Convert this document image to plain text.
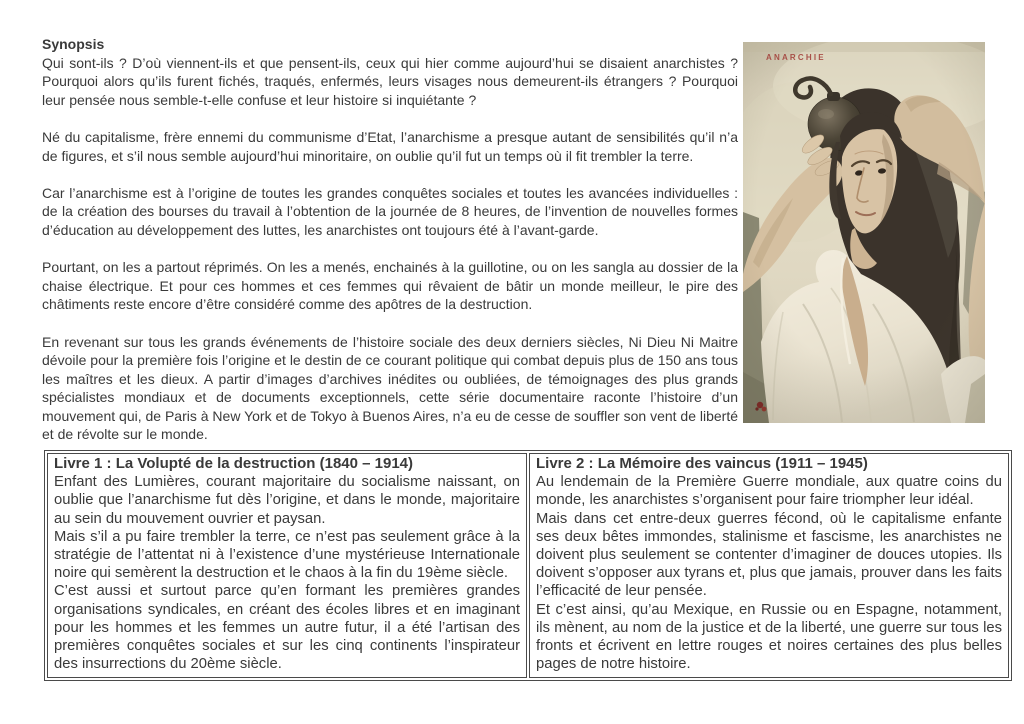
Synopsis

Qui sont-ils ? D’où viennent-ils et que pensent-ils, ceux qui hier comme aujourd’hui se disaient anarchistes ? Pourquoi alors qu’ils furent fichés, traqués, enfermés, leurs visages nous demeurent-ils étrangers ? Pourquoi leur pensée nous semble-t-elle confuse et leur histoire si inquiétante ?

Né du capitalisme, frère ennemi du communisme d’Etat, l’anarchisme a presque autant de sensibilités qu’il n’a de figures, et s’il nous semble aujourd’hui minoritaire, on oublie qu’il fut un temps où il fit trembler la terre.

Car l’anarchisme est à l’origine de toutes les grandes conquêtes sociales et toutes les avancées individuelles : de la création des bourses du travail à l’obtention de la journée de 8 heures, de l’invention de nouvelles formes d’éducation au développement des luttes, les anarchistes ont toujours été à l’avant-garde.

Pourtant, on les a partout réprimés. On les a menés, enchainés à la guillotine, ou on les sangla au dossier de la chaise électrique. Et pour ces hommes et ces femmes qui rêvaient de bâtir un monde meilleur, le pire des châtiments reste encore d’être considéré comme des apôtres de la destruction.

En revenant sur tous les grands événements de l’histoire sociale des deux derniers siècles, Ni Dieu Ni Maitre dévoile pour la première fois l’origine et le destin de ce courant politique qui combat depuis plus de 150 ans tous les maîtres et les dieux. A partir d’images d’archives inédites ou oubliées, de témoignages des plus grands spécialistes mondiaux et de documents exceptionnels, cette série documentaire raconte l’histoire d’un mouvement qui, de Paris à New York et de Tokyo à Buenos Aires, n’a eu de cesse de souffler son vent de liberté et de révolte sur le monde.

ANARCHIE
Livre 1 : La Volupté de la destruction (1840 – 1914)

Enfant des Lumières, courant majoritaire du socialisme naissant, on oublie que l’anarchisme fut dès l’origine, et dans le monde, majoritaire au sein du mouvement ouvrier et paysan.

Mais s’il a pu faire trembler la terre, ce n’est pas seulement grâce à la stratégie de l’attentat ni à l’existence d’une mystérieuse Internationale noire qui semèrent la destruction et le chaos à la fin du 19ème siècle.

C’est aussi et surtout parce qu’en formant les premières grandes organisations syndicales, en créant des écoles libres et en imaginant pour les hommes et les femmes un autre futur, il a été l’artisan des premières conquêtes sociales et sur les cinq continents l’inspirateur des insurrections du 20ème siècle.

Livre 2 : La Mémoire des vaincus (1911 – 1945)

Au lendemain de la Première Guerre mondiale, aux quatre coins du monde, les anarchistes s’organisent pour faire triompher leur idéal.

Mais dans cet entre-deux guerres fécond, où le capitalisme enfante ses deux bêtes immondes, stalinisme et fascisme, les anarchistes ne doivent plus seulement se contenter d’imaginer de douces utopies. Ils doivent s’opposer aux tyrans et, plus que jamais, prouver dans les faits l’efficacité de leur pensée.

Et c’est ainsi, qu’au Mexique, en Russie ou en Espagne, notamment, ils mènent, au nom de la justice et de la liberté, une guerre sur tous les fronts et écrivent en lettre rouges et noires certaines des plus belles pages de notre histoire.
